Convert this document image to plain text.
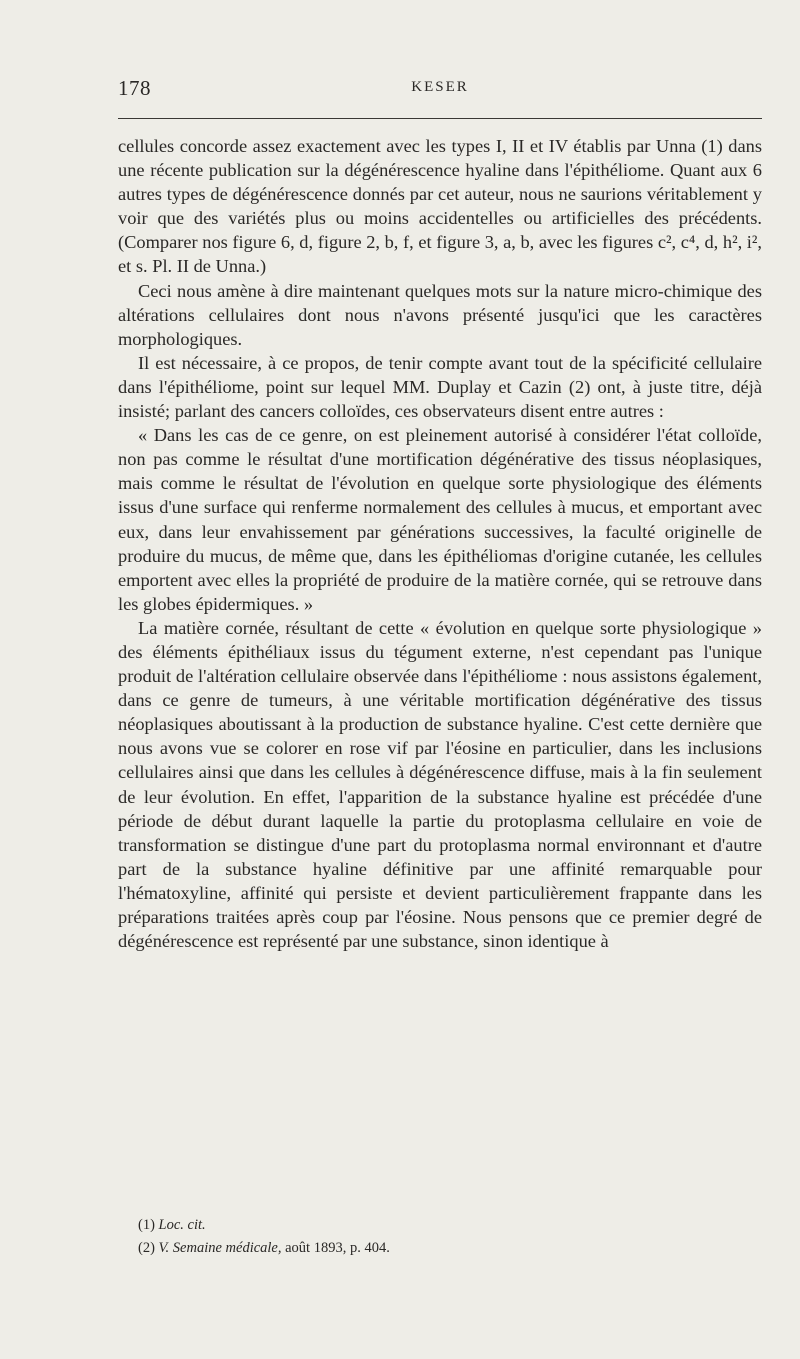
178	KESER

cellules concorde assez exactement avec les types I, II et IV établis par Unna (1) dans une récente publication sur la dégénérescence hyaline dans l'épithéliome. Quant aux 6 autres types de dégénérescence donnés par cet auteur, nous ne saurions véritablement y voir que des variétés plus ou moins accidentelles ou artificielles des précédents. (Comparer nos figure 6, d, figure 2, b, f, et figure 3, a, b, avec les figures c², c⁴, d, h², i², et s. Pl. II de Unna.)

Ceci nous amène à dire maintenant quelques mots sur la nature micro-chimique des altérations cellulaires dont nous n'avons présenté jusqu'ici que les caractères morphologiques.

Il est nécessaire, à ce propos, de tenir compte avant tout de la spécificité cellulaire dans l'épithéliome, point sur lequel MM. Duplay et Cazin (2) ont, à juste titre, déjà insisté; parlant des cancers colloïdes, ces observateurs disent entre autres :

« Dans les cas de ce genre, on est pleinement autorisé à considérer l'état colloïde, non pas comme le résultat d'une mortification dégénérative des tissus néoplasiques, mais comme le résultat de l'évolution en quelque sorte physiologique des éléments issus d'une surface qui renferme normalement des cellules à mucus, et emportant avec eux, dans leur envahissement par générations successives, la faculté originelle de produire du mucus, de même que, dans les épithéliomas d'origine cutanée, les cellules emportent avec elles la propriété de produire de la matière cornée, qui se retrouve dans les globes épidermiques. »

La matière cornée, résultant de cette « évolution en quelque sorte physiologique » des éléments épithéliaux issus du tégument externe, n'est cependant pas l'unique produit de l'altération cellulaire observée dans l'épithéliome : nous assistons également, dans ce genre de tumeurs, à une véritable mortification dégénérative des tissus néoplasiques aboutissant à la production de substance hyaline. C'est cette dernière que nous avons vue se colorer en rose vif par l'éosine en particulier, dans les inclusions cellulaires ainsi que dans les cellules à dégénérescence diffuse, mais à la fin seulement de leur évolution. En effet, l'apparition de la substance hyaline est précédée d'une période de début durant laquelle la partie du protoplasma cellulaire en voie de transformation se distingue d'une part du protoplasma normal environnant et d'autre part de la substance hyaline définitive par une affinité remarquable pour l'hématoxyline, affinité qui persiste et devient particulièrement frappante dans les préparations traitées après coup par l'éosine. Nous pensons que ce premier degré de dégénérescence est représenté par une substance, sinon identique à

(1) Loc. cit.

(2) V. Semaine médicale, août 1893, p. 404.
